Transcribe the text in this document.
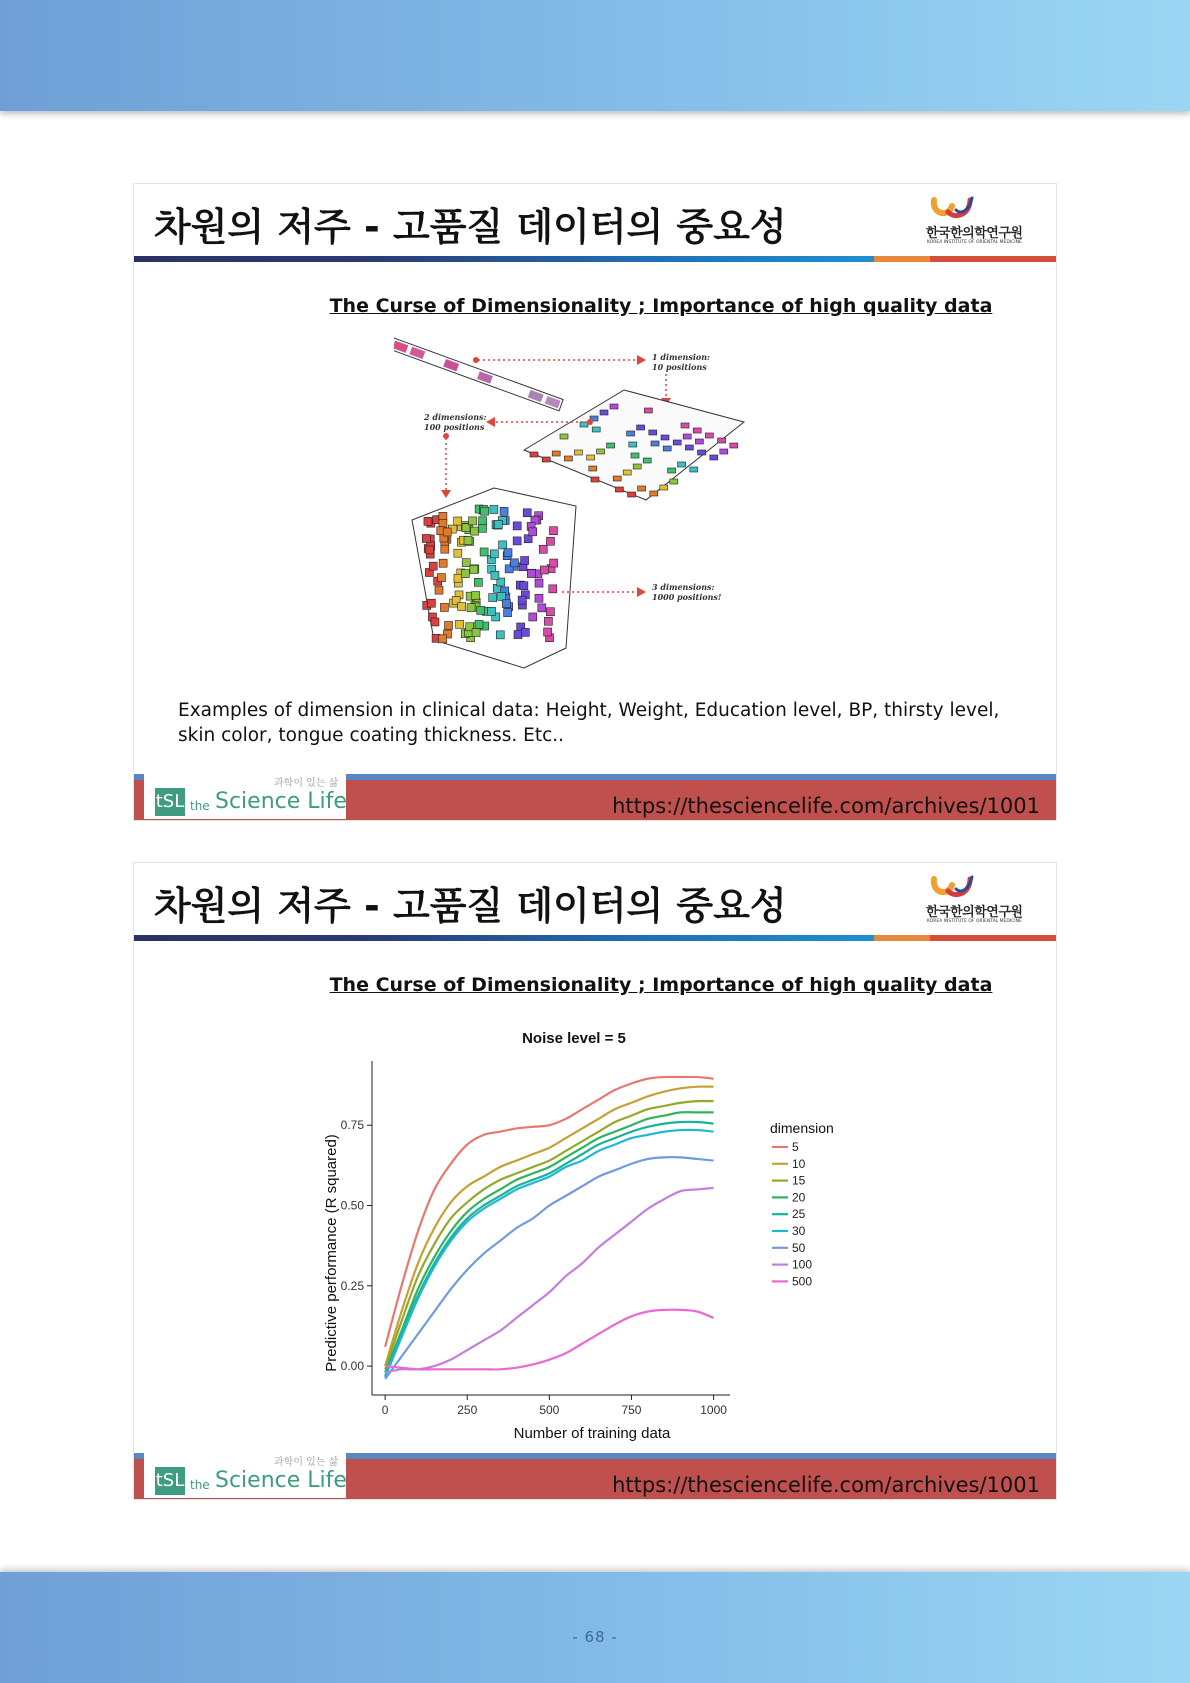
차원의 저주 - 고품질 데이터의 중요성	한국한의학연구원
KOREA INSTITUTE OF ORIENTAL MEDICINE
The Curse of Dimensionality ; Importance of high quality data
1 dimension:
10 positions
2 dimensions:
100 positions
3 dimensions:
1000 positions!
Examples of dimension in clinical data: Height, Weight, Education level, BP, thirsty level,
skin color, tongue coating thickness. Etc..
과학이 있는 삶
tSL the Science Life	https://thesciencelife.com/archives/1001
차원의 저주 - 고품질 데이터의 중요성	한국한의학연구원
KOREA INSTITUTE OF ORIENTAL MEDICINE
The Curse of Dimensionality ; Importance of high quality data
Noise level = 5
0	250	500	750	1000
0.00
0.25
0.50
0.75	dimension
5
10
15
20
25
30
50
100
500
Number of training data
Predictive performance (R squared)
과학이 있는 삶
tSL the Science Life	https://thesciencelife.com/archives/1001
- 68 -
